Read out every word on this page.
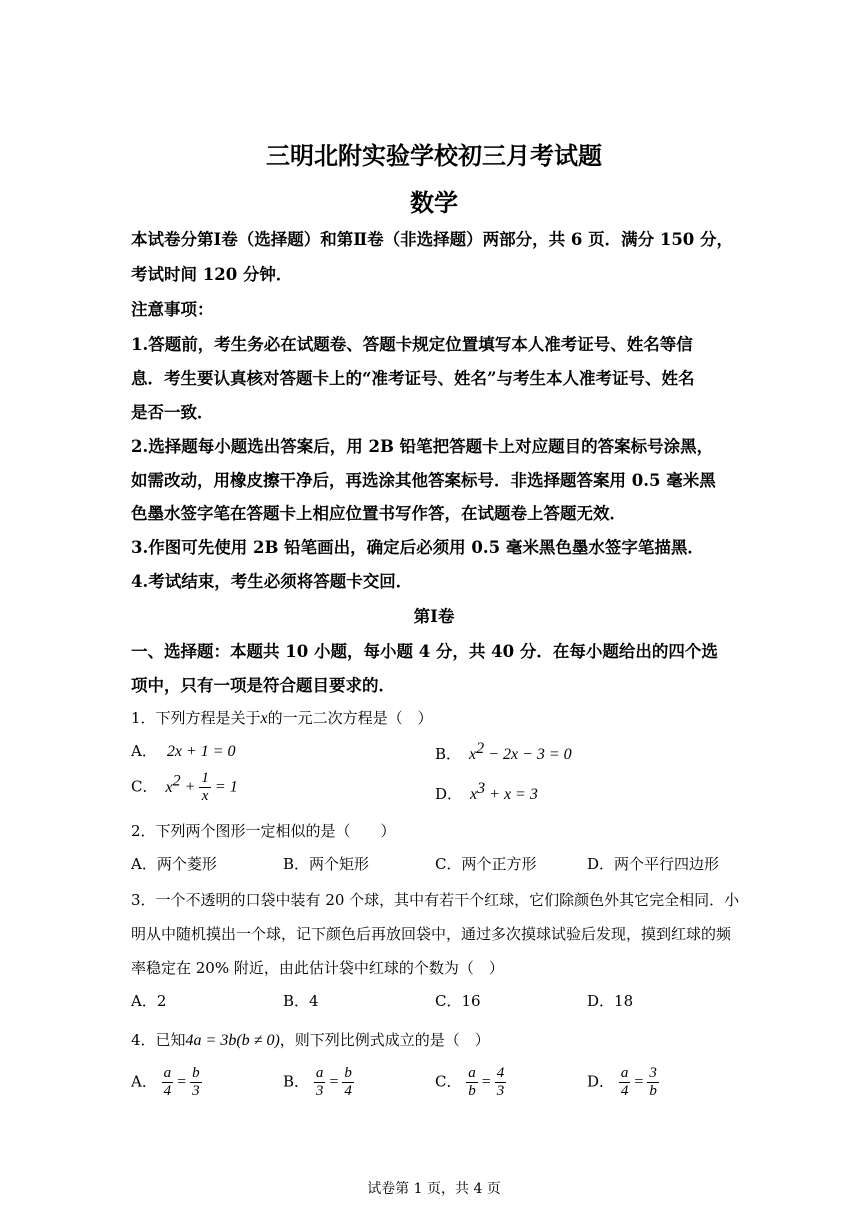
三明北附实验学校初三月考试题
数学
本试卷分第Ⅰ卷（选择题）和第Ⅱ卷（非选择题）两部分，共 6 页．满分 150 分，
考试时间 120 分钟．
注意事项：
1.答题前，考生务必在试题卷、答题卡规定位置填写本人准考证号、姓名等信
息．考生要认真核对答题卡上的“准考证号、姓名”与考生本人准考证号、姓名
是否一致．
2.选择题每小题选出答案后，用 2B 铅笔把答题卡上对应题目的答案标号涂黑，
如需改动，用橡皮擦干净后，再选涂其他答案标号．非选择题答案用 0.5 毫米黑
色墨水签字笔在答题卡上相应位置书写作答，在试题卷上答题无效．
3.作图可先使用 2B 铅笔画出，确定后必须用 0.5 毫米黑色墨水签字笔描黑．
4.考试结束，考生必须将答题卡交回．
第Ⅰ卷
一、选择题：本题共 10 小题，每小题 4 分，共 40 分．在每小题给出的四个选
项中，只有一项是符合题目要求的．
1．下列方程是关于x的一元二次方程是（　）
A． 2x + 1 = 0	B． $x^2 - 2x - 3 = 0$
C． $x^2 + \frac{1}{x} = 1$	D． $x^3 + x = 3$
2．下列两个图形一定相似的是（　　）
A．两个菱形	B．两个矩形	C．两个正方形	D．两个平行四边形
3．一个不透明的口袋中装有 20 个球，其中有若干个红球，它们除颜色外其它完全相同．小
明从中随机摸出一个球，记下颜色后再放回袋中，通过多次摸球试验后发现，摸到红球的频
率稳定在 20% 附近，由此估计袋中红球的个数为（　）
A．2	B．4	C．16	D．18
4．已知4a = 3b(b ≠ 0)，则下列比例式成立的是（　）
A． $\frac{a}{4} = \frac{b}{3}$	B． $\frac{a}{3} = \frac{b}{4}$	C． $\frac{a}{b} = \frac{4}{3}$	D． $\frac{a}{4} = \frac{3}{b}$
试卷第 1 页，共 4 页
